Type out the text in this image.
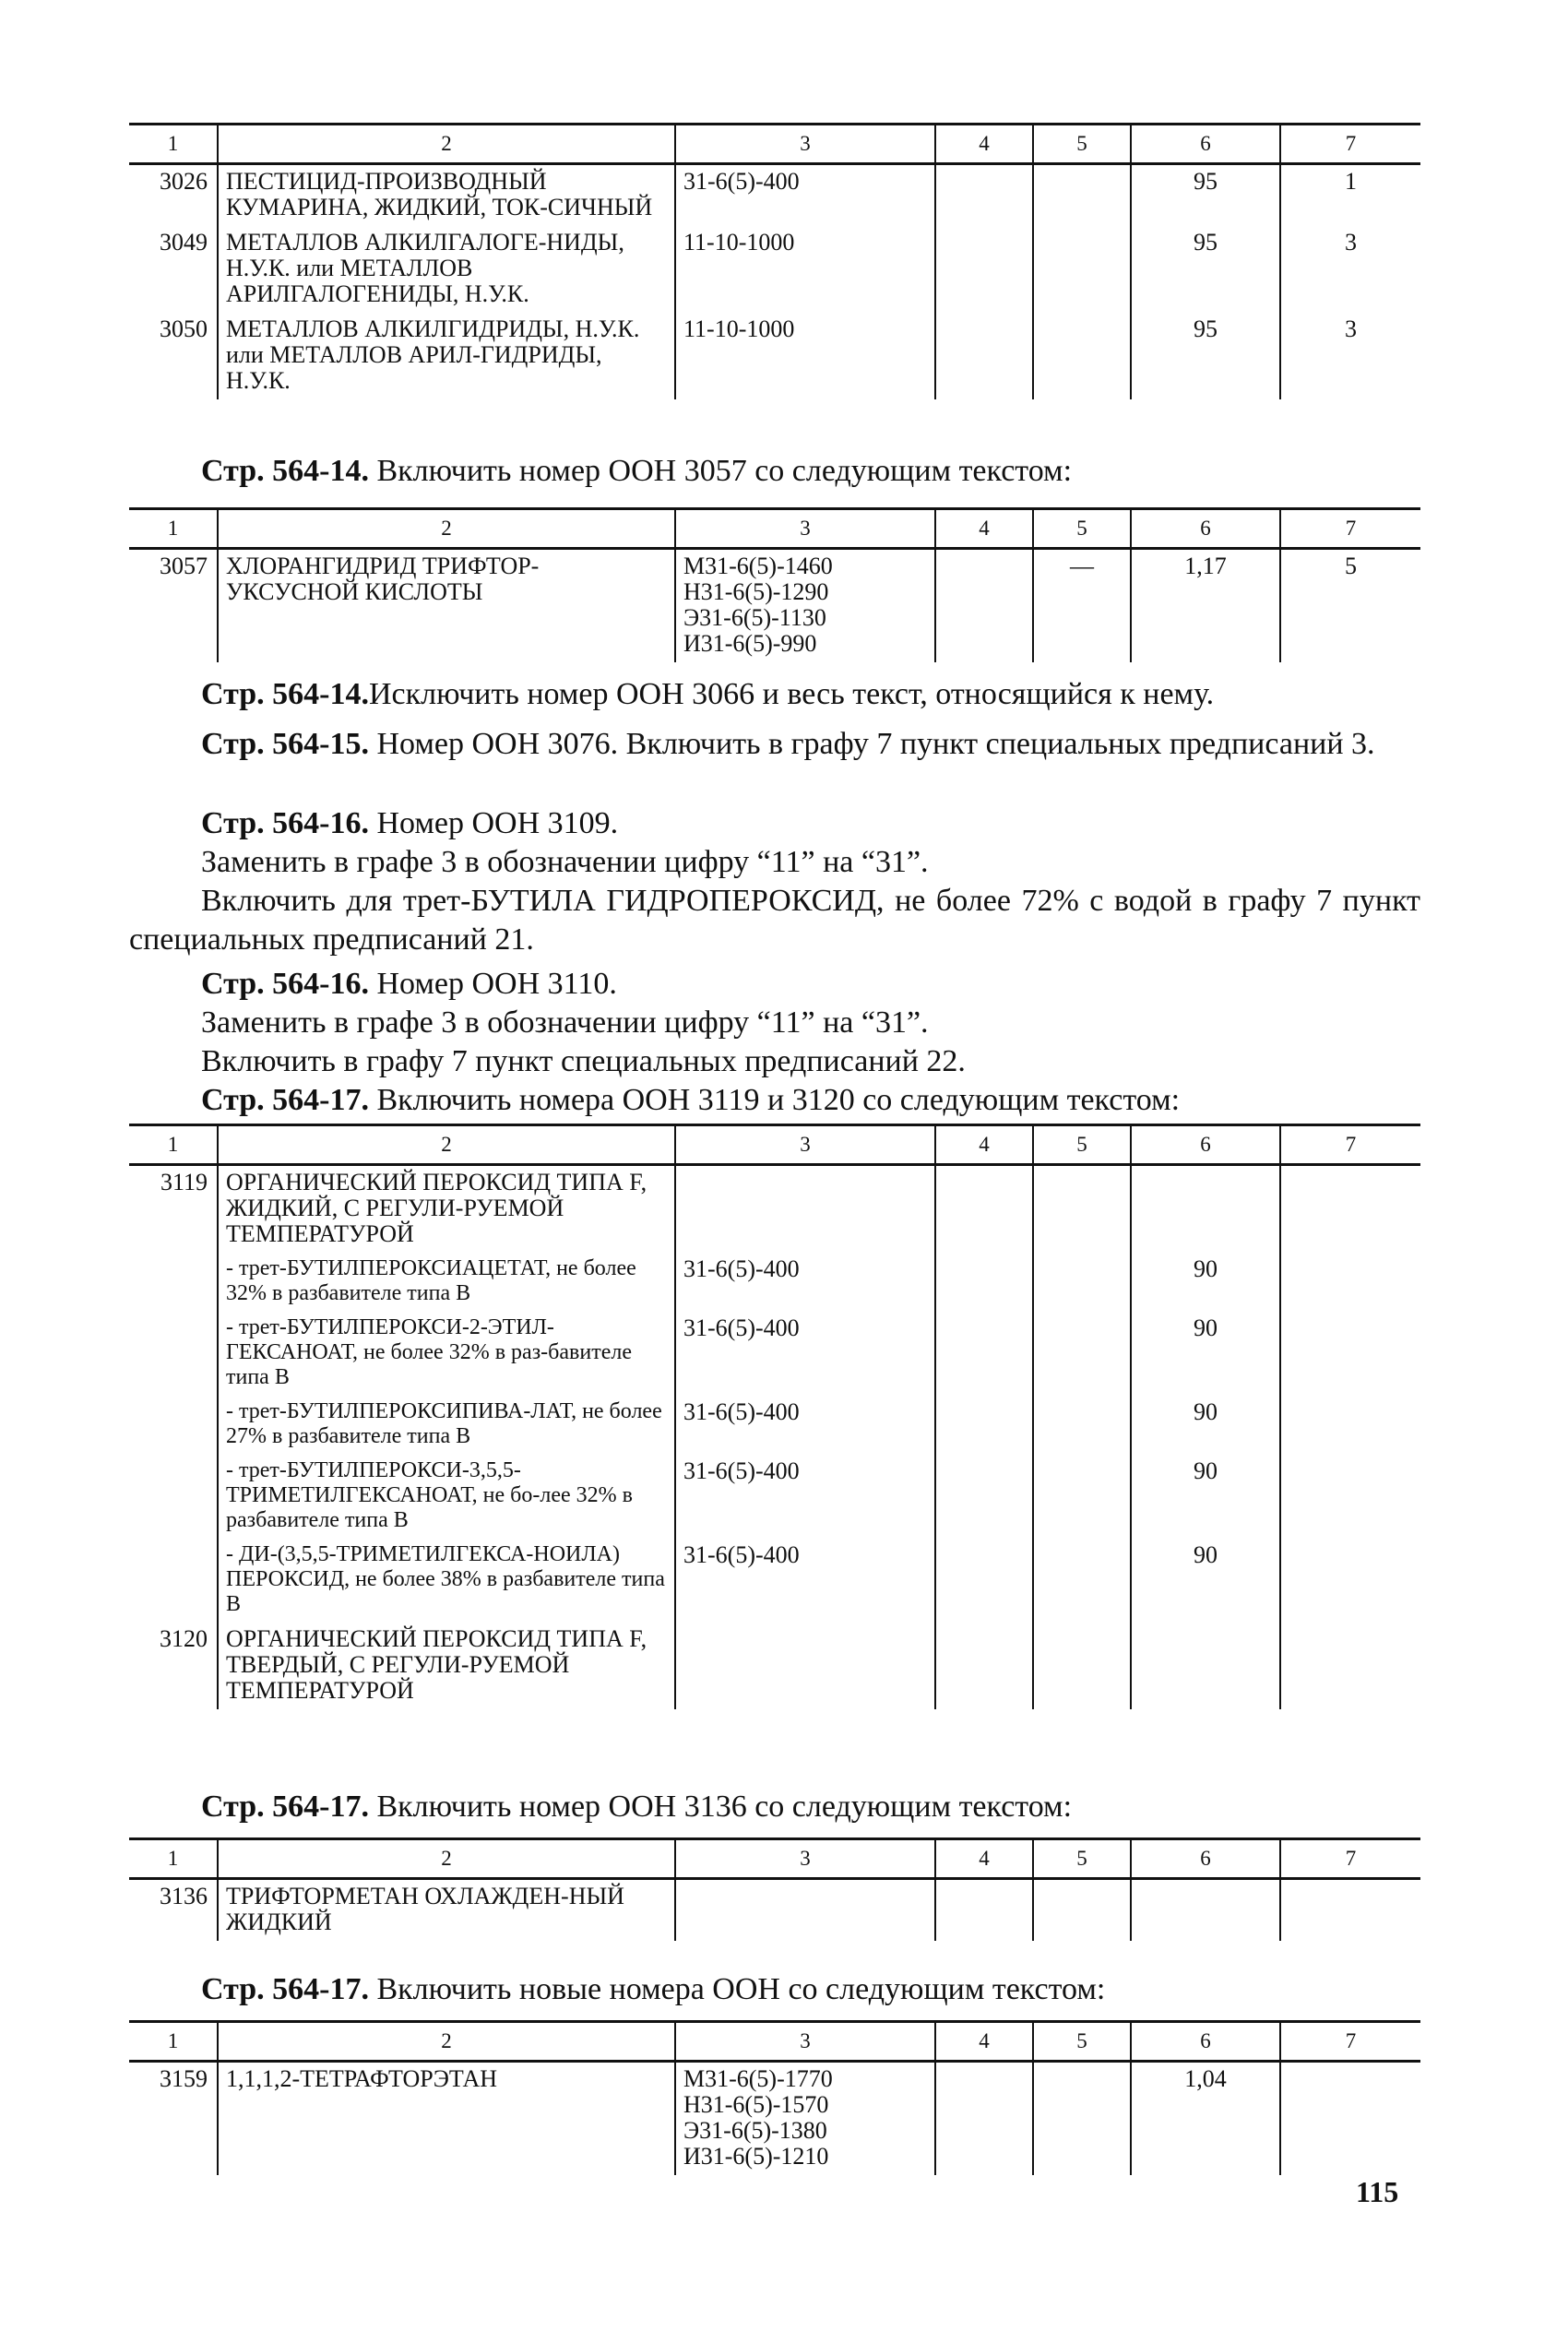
1	2	3	4	5	6	7
3026	ПЕСТИЦИД-ПРОИЗВОДНЫЙ КУМАРИНА, ЖИДКИЙ, ТОК-СИЧНЫЙ	31-6(5)-400			95	1
3049	МЕТАЛЛОВ АЛКИЛГАЛОГЕ-НИДЫ, Н.У.К. или МЕТАЛЛОВ АРИЛГАЛОГЕНИДЫ, Н.У.К.	11-10-1000			95	3
3050	МЕТАЛЛОВ АЛКИЛГИДРИДЫ, Н.У.К. или МЕТАЛЛОВ АРИЛ-ГИДРИДЫ, Н.У.К.	11-10-1000			95	3
Стр. 564-14. Включить номер ООН 3057 со следующим текстом:
1	2	3	4	5	6	7
3057	ХЛОРАНГИДРИД ТРИФТОР-УКСУСНОЙ КИСЛОТЫ	М31-6(5)-1460
Н31-6(5)-1290
Э31-6(5)-1130
И31-6(5)-990		—	1,17	5
Стр. 564-14.Исключить номер ООН 3066 и весь текст, относящийся к нему.
Стр. 564-15. Номер ООН 3076. Включить в графу 7 пункт специальных предписаний 3.
Стр. 564-16. Номер ООН 3109.
Заменить в графе 3 в обозначении цифру “11” на “31”.
Включить для трет-БУТИЛА ГИДРОПЕРОКСИД, не более 72% с водой в графу 7 пункт специальных предписаний 21.
Стр. 564-16. Номер ООН 3110.
Заменить в графе 3 в обозначении цифру “11” на “31”.
Включить в графу 7 пункт специальных предписаний 22.
Стр. 564-17. Включить номера ООН 3119 и 3120 со следующим текстом:
1	2	3	4	5	6	7
3119	ОРГАНИЧЕСКИЙ ПЕРОКСИД ТИПА F, ЖИДКИЙ, С РЕГУЛИ-РУЕМОЙ ТЕМПЕРАТУРОЙ					
	- трет-БУТИЛПЕРОКСИАЦЕТАТ, не более 32% в разбавителе типа В	31-6(5)-400			90	
	- трет-БУТИЛПЕРОКСИ-2-ЭТИЛ-ГЕКСАНОАТ, не более 32% в раз-бавителе типа В	31-6(5)-400			90	
	- трет-БУТИЛПЕРОКСИПИВА-ЛАТ, не более 27% в разбавителе типа В	31-6(5)-400			90	
	- трет-БУТИЛПЕРОКСИ-3,5,5-ТРИМЕТИЛГЕКСАНОАТ, не бо-лее 32% в разбавителе типа В	31-6(5)-400			90	
	- ДИ-(3,5,5-ТРИМЕТИЛГЕКСА-НОИЛА) ПЕРОКСИД, не более 38% в разбавителе типа В	31-6(5)-400			90	
3120	ОРГАНИЧЕСКИЙ ПЕРОКСИД ТИПА F, ТВЕРДЫЙ, С РЕГУЛИ-РУЕМОЙ ТЕМПЕРАТУРОЙ					
Стр. 564-17. Включить номер ООН 3136 со следующим текстом:
1	2	3	4	5	6	7
3136	ТРИФТОРМЕТАН ОХЛАЖДЕН-НЫЙ ЖИДКИЙ					
Стр. 564-17. Включить новые номера ООН со следующим текстом:
1	2	3	4	5	6	7
3159	1,1,1,2-ТЕТРАФТОРЭТАН	М31-6(5)-1770
Н31-6(5)-1570
Э31-6(5)-1380
И31-6(5)-1210			1,04	
115
